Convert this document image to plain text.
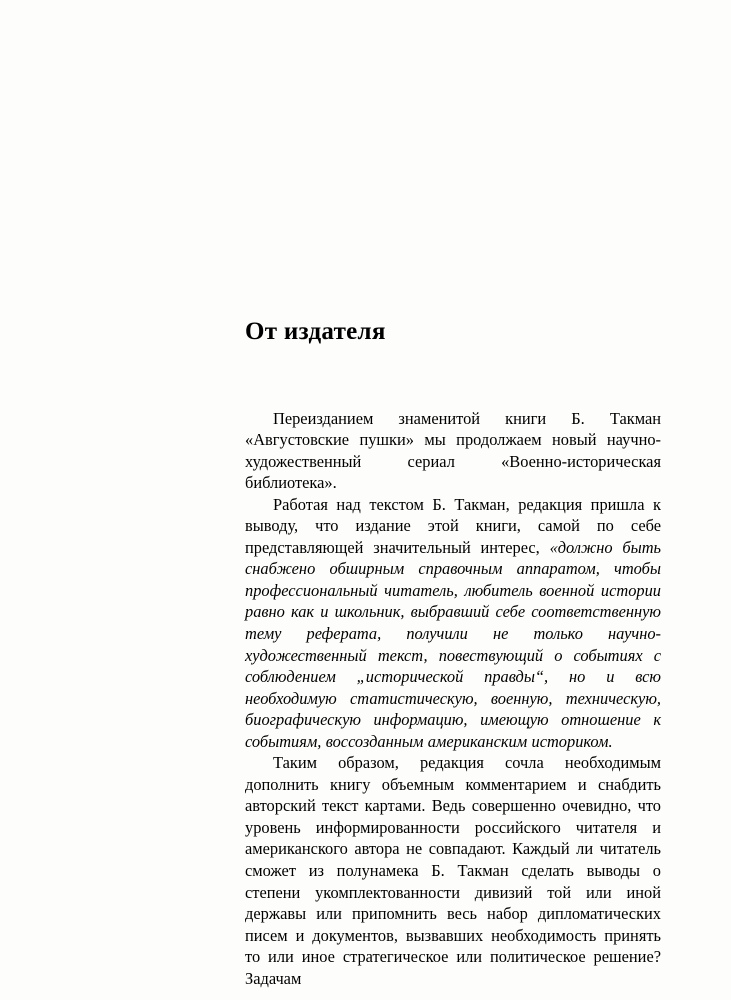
От издателя

Переизданием знаменитой книги Б. Такман «Августовские пушки» мы продолжаем новый научно-художественный сериал «Военно-историческая библиотека».

Работая над текстом Б. Такман, редакция пришла к выводу, что издание этой книги, самой по себе представляющей значительный интерес, «должно быть снабжено обширным справочным аппаратом, чтобы профессиональный читатель, любитель военной истории равно как и школьник, выбравший себе соответственную тему реферата, получили не только научно-художественный текст, повествующий о событиях с соблюдением „исторической правды“, но и всю необходимую статистическую, военную, техническую, биографическую информацию, имеющую отношение к событиям, воссозданным американским историком.

Таким образом, редакция сочла необходимым дополнить книгу объемным комментарием и снабдить авторский текст картами. Ведь совершенно очевидно, что уровень информированности российского читателя и американского автора не совпадают. Каждый ли читатель сможет из полунамека Б. Такман сделать выводы о степени укомплектованности дивизий той или иной державы или припомнить весь набор дипломатических писем и документов, вызвавших необходимость принять то или иное стратегическое или политическое решение? Задачам
